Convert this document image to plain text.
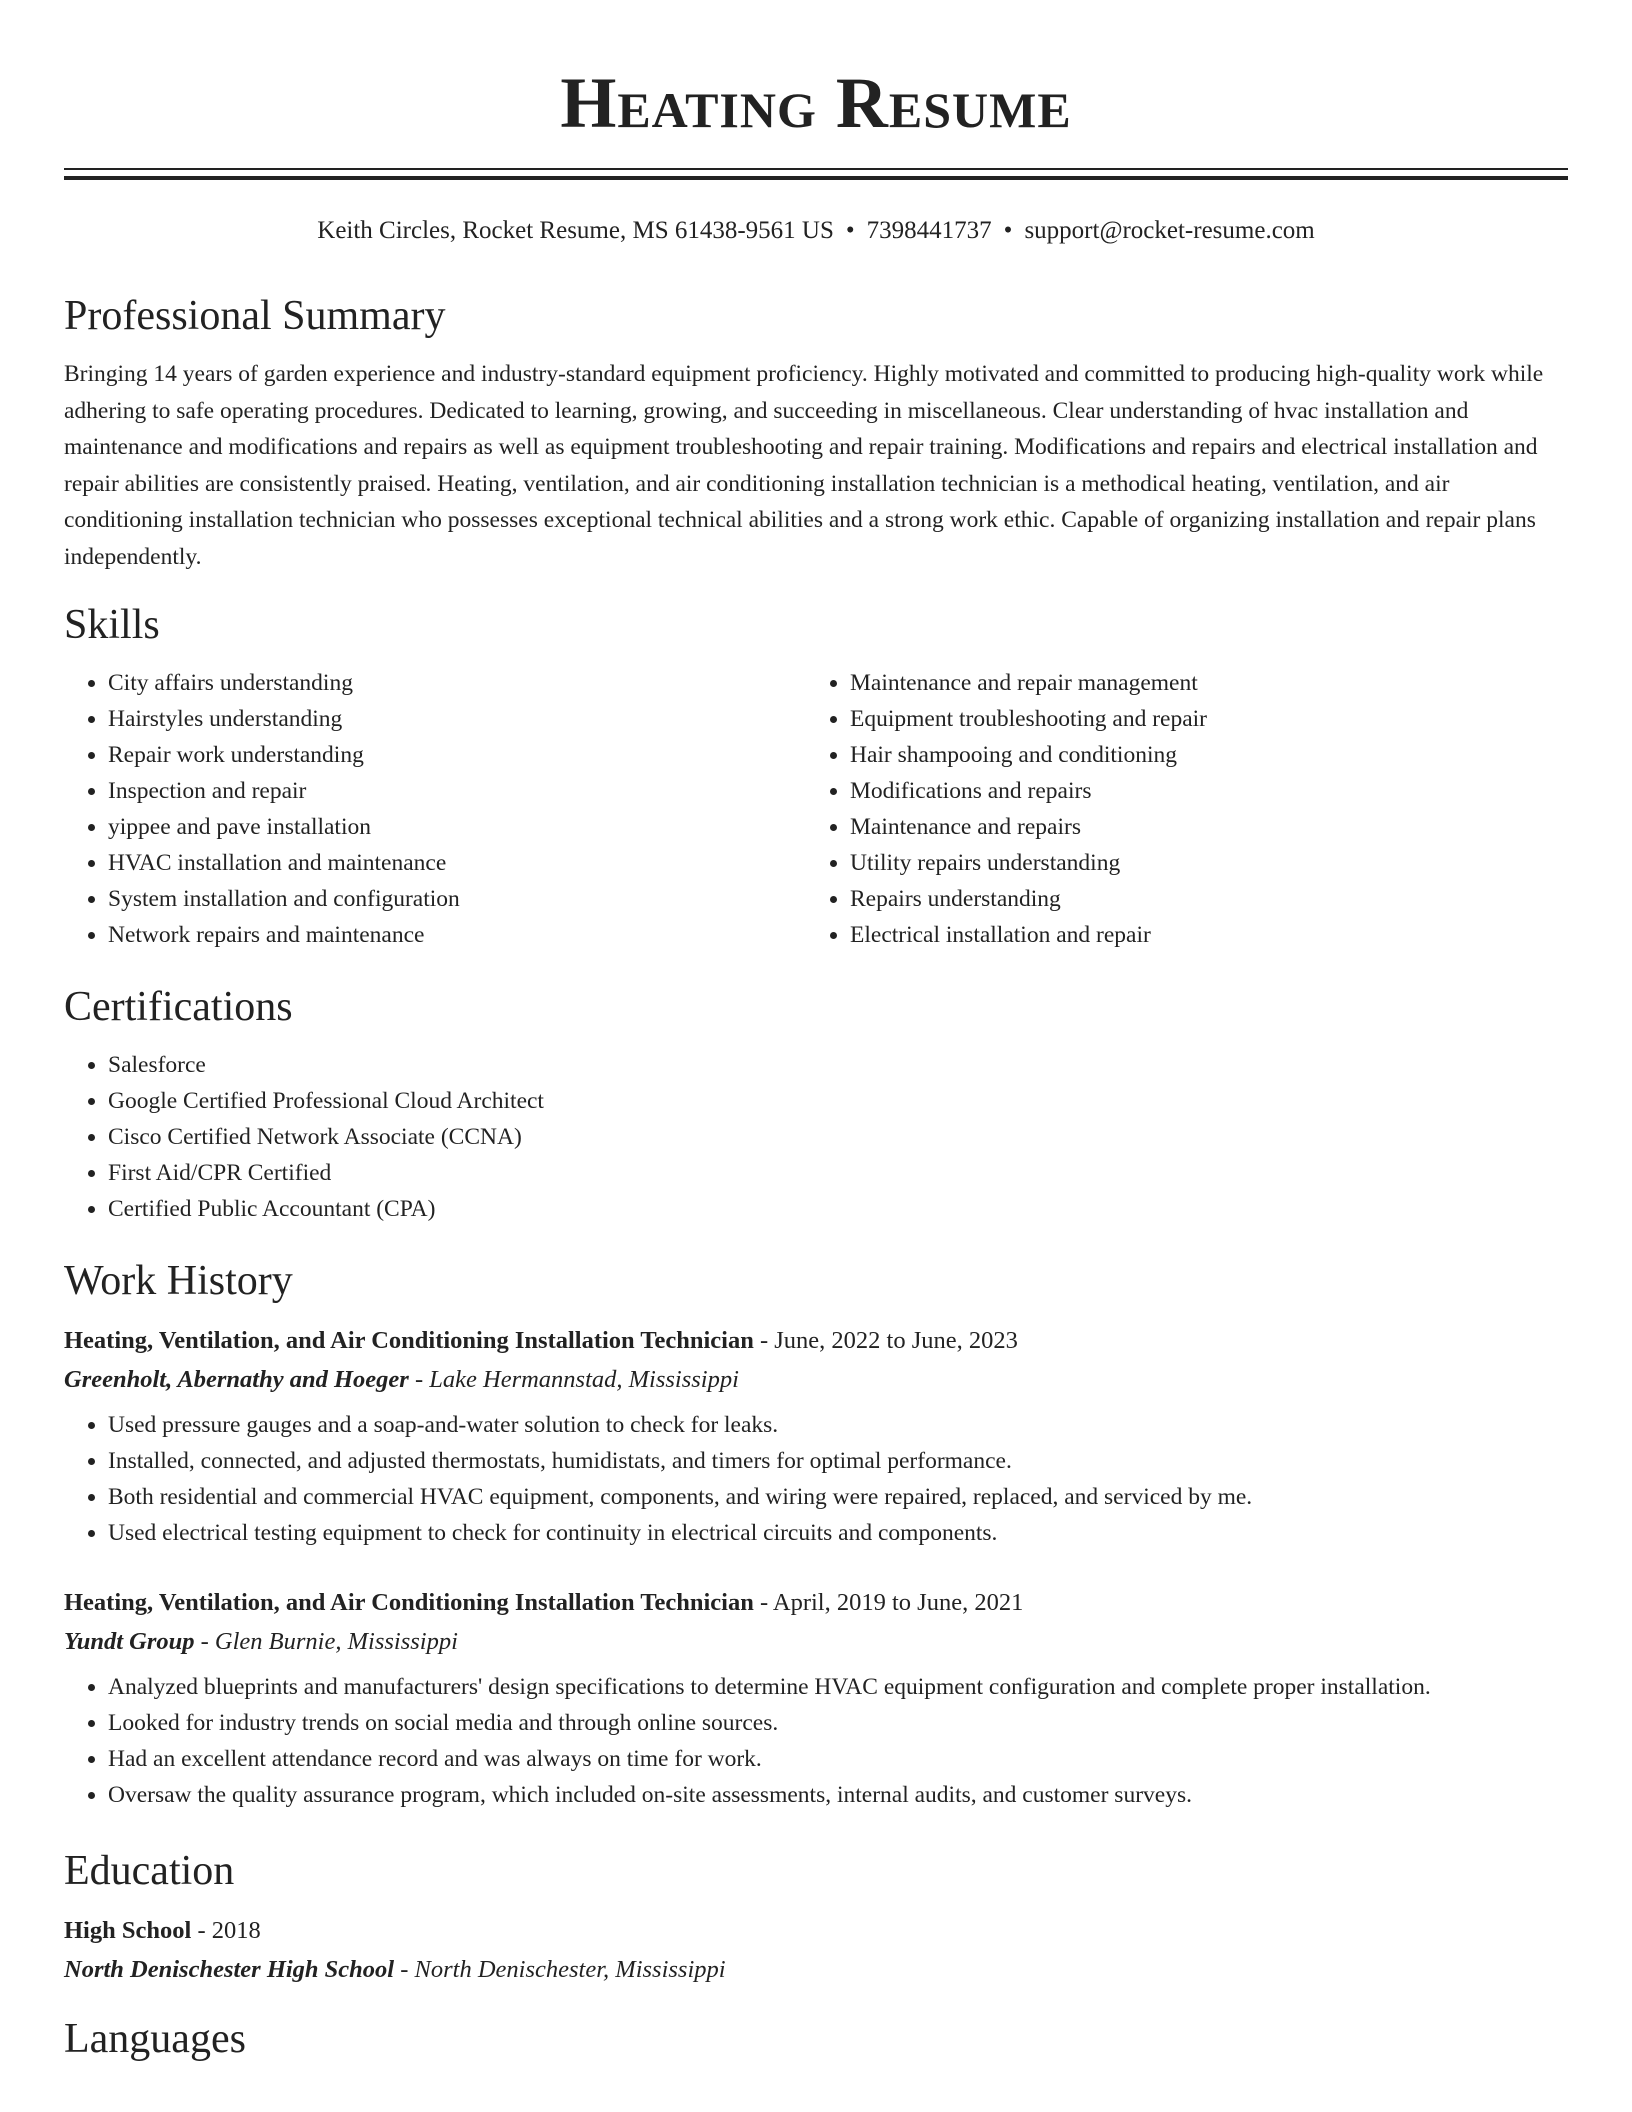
Heating Resume
Keith Circles, Rocket Resume, MS 61438-9561 US • 7398441737 • support@rocket-resume.com
Professional Summary

Bringing 14 years of garden experience and industry-standard equipment proficiency. Highly motivated and committed to producing high-quality work while adhering to safe operating procedures. Dedicated to learning, growing, and succeeding in miscellaneous. Clear understanding of hvac installation and maintenance and modifications and repairs as well as equipment troubleshooting and repair training. Modifications and repairs and electrical installation and repair abilities are consistently praised. Heating, ventilation, and air conditioning installation technician is a methodical heating, ventilation, and air conditioning installation technician who possesses exceptional technical abilities and a strong work ethic. Capable of organizing installation and repair plans independently.

Skills
• City affairs understanding
• Hairstyles understanding
• Repair work understanding
• Inspection and repair
• yippee and pave installation
• HVAC installation and maintenance
• System installation and configuration
• Network repairs and maintenance
• Maintenance and repair management
• Equipment troubleshooting and repair
• Hair shampooing and conditioning
• Modifications and repairs
• Maintenance and repairs
• Utility repairs understanding
• Repairs understanding
• Electrical installation and repair
Certifications
• Salesforce
• Google Certified Professional Cloud Architect
• Cisco Certified Network Associate (CCNA)
• First Aid/CPR Certified
• Certified Public Accountant (CPA)
Work History
Heating, Ventilation, and Air Conditioning Installation Technician - June, 2022 to June, 2023
Greenholt, Abernathy and Hoeger - Lake Hermannstad, Mississippi
• Used pressure gauges and a soap-and-water solution to check for leaks.
• Installed, connected, and adjusted thermostats, humidistats, and timers for optimal performance.
• Both residential and commercial HVAC equipment, components, and wiring were repaired, replaced, and serviced by me.
• Used electrical testing equipment to check for continuity in electrical circuits and components.
Heating, Ventilation, and Air Conditioning Installation Technician - April, 2019 to June, 2021
Yundt Group - Glen Burnie, Mississippi
• Analyzed blueprints and manufacturers' design specifications to determine HVAC equipment configuration and complete proper installation.
• Looked for industry trends on social media and through online sources.
• Had an excellent attendance record and was always on time for work.
• Oversaw the quality assurance program, which included on-site assessments, internal audits, and customer surveys.
Education
High School - 2018
North Denischester High School - North Denischester, Mississippi
Languages
